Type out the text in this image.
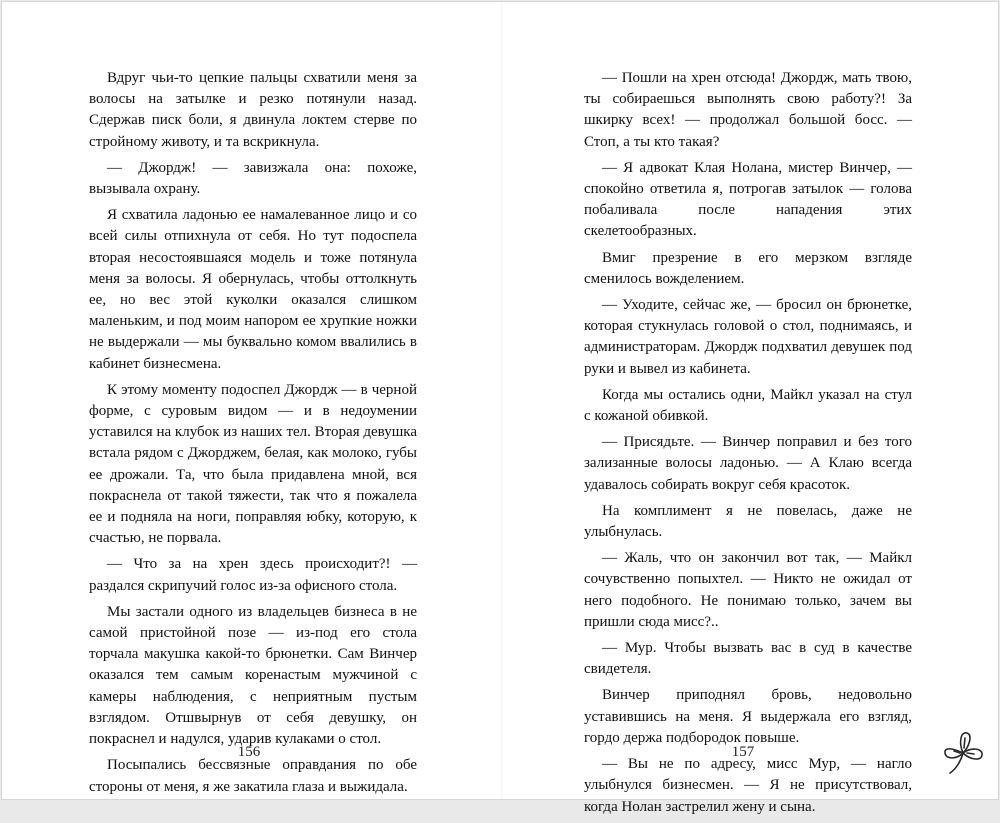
Вдруг чьи-то цепкие пальцы схватили меня за волосы на затылке и резко потянули назад. Сдержав писк боли, я двинула локтем стерве по стройному животу, и та вскрикнула.

— Джордж! — завизжала она: похоже, вызывала охрану.

Я схватила ладонью ее намалеванное лицо и со всей силы отпихнула от себя. Но тут подоспела вторая несостоявшаяся модель и тоже потянула меня за волосы. Я обернулась, чтобы оттолкнуть ее, но вес этой куколки оказался слишком маленьким, и под моим напором ее хрупкие ножки не выдержали — мы буквально комом ввалились в кабинет бизнесмена.

К этому моменту подоспел Джордж — в черной форме, с суровым видом — и в недоумении уставился на клубок из наших тел. Вторая девушка встала рядом с Джорджем, белая, как молоко, губы ее дрожали. Та, что была придавлена мной, вся покраснела от такой тяжести, так что я пожалела ее и подняла на ноги, поправляя юбку, которую, к счастью, не порвала.

— Что за на хрен здесь происходит?! — раздался скрипучий голос из-за офисного стола.

Мы застали одного из владельцев бизнеса в не самой пристойной позе — из-под его стола торчала макушка какой-то брюнетки. Сам Винчер оказался тем самым коренастым мужчиной с камеры наблюдения, с неприятным пустым взглядом. Отшвырнув от себя девушку, он покраснел и надулся, ударив кулаками о стол.

Посыпались бессвязные оправдания по обе стороны от меня, я же закатила глаза и выжидала.

156

— Пошли на хрен отсюда! Джордж, мать твою, ты собираешься выполнять свою работу?! За шкирку всех! — продолжал большой босс. — Стоп, а ты кто такая?

— Я адвокат Клая Нолана, мистер Винчер, — спокойно ответила я, потрогав затылок — голова побаливала после нападения этих скелетообразных.

Вмиг презрение в его мерзком взгляде сменилось вожделением.

— Уходите, сейчас же, — бросил он брюнетке, которая стукнулась головой о стол, поднимаясь, и администраторам. Джордж подхватил девушек под руки и вывел из кабинета.

Когда мы остались одни, Майкл указал на стул с кожаной обивкой.

— Присядьте. — Винчер поправил и без того зализанные волосы ладонью. — А Клаю всегда удавалось собирать вокруг себя красоток.

На комплимент я не повелась, даже не улыбнулась.

— Жаль, что он закончил вот так, — Майкл сочувственно попыхтел. — Никто не ожидал от него подобного. Не понимаю только, зачем вы пришли сюда мисс?..

— Мур. Чтобы вызвать вас в суд в качестве свидетеля.

Винчер приподнял бровь, недовольно уставившись на меня. Я выдержала его взгляд, гордо держа подбородок повыше.

— Вы не по адресу, мисс Мур, — нагло улыбнулся бизнесмен. — Я не присутствовал, когда Нолан застрелил жену и сына.

157
